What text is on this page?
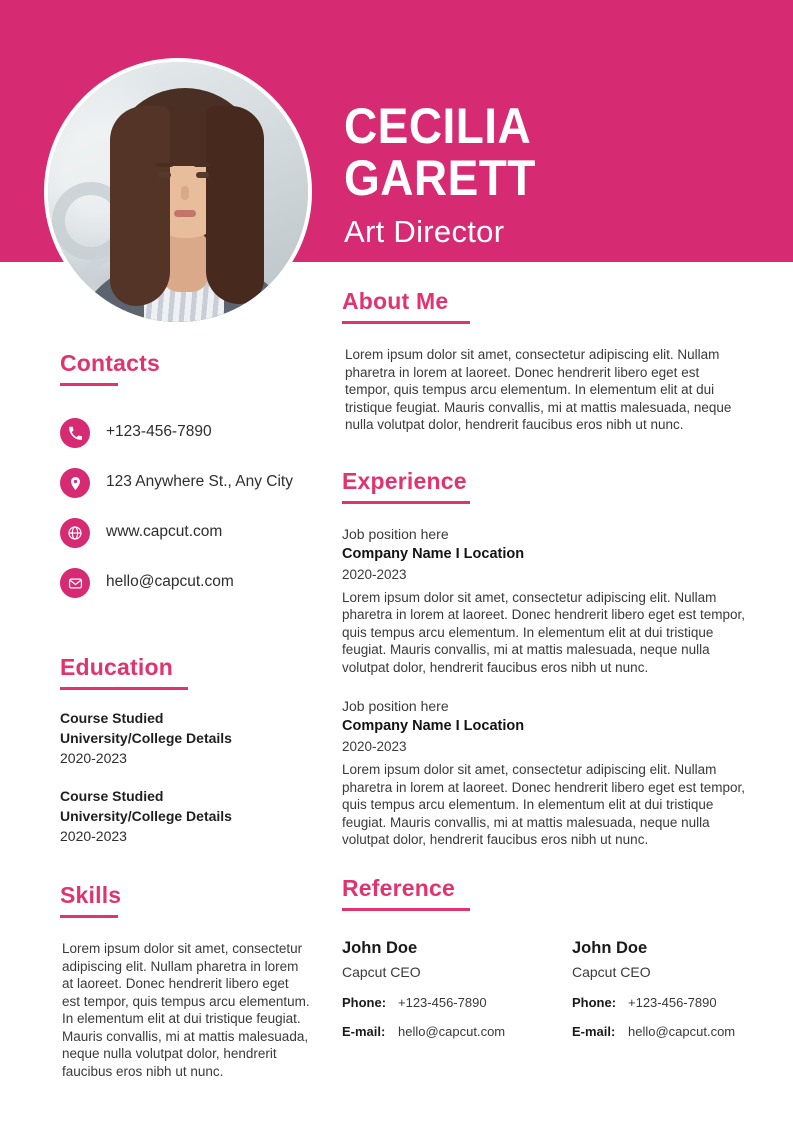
CECILIA GARETT
Art Director
Contacts
+123-456-7890
123 Anywhere St., Any City
www.capcut.com
hello@capcut.com
Education
Course Studied
University/College Details
2020-2023
Course Studied
University/College Details
2020-2023
Skills
Lorem ipsum dolor sit amet, consectetur adipiscing elit. Nullam pharetra in lorem at laoreet. Donec hendrerit libero eget est tempor, quis tempus arcu elementum. In elementum elit at dui tristique feugiat. Mauris convallis, mi at mattis malesuada, neque nulla volutpat dolor, hendrerit faucibus eros nibh ut nunc.
About Me
Lorem ipsum dolor sit amet, consectetur adipiscing elit. Nullam pharetra in lorem at laoreet. Donec hendrerit libero eget est tempor, quis tempus arcu elementum. In elementum elit at dui tristique feugiat. Mauris convallis, mi at mattis malesuada, neque nulla volutpat dolor, hendrerit faucibus eros nibh ut nunc.
Experience
Job position here
Company Name I Location
2020-2023
Lorem ipsum dolor sit amet, consectetur adipiscing elit. Nullam pharetra in lorem at laoreet. Donec hendrerit libero eget est tempor, quis tempus arcu elementum. In elementum elit at dui tristique feugiat. Mauris convallis, mi at mattis malesuada, neque nulla volutpat dolor, hendrerit faucibus eros nibh ut nunc.
Job position here
Company Name I Location
2020-2023
Lorem ipsum dolor sit amet, consectetur adipiscing elit. Nullam pharetra in lorem at laoreet. Donec hendrerit libero eget est tempor, quis tempus arcu elementum. In elementum elit at dui tristique feugiat. Mauris convallis, mi at mattis malesuada, neque nulla volutpat dolor, hendrerit faucibus eros nibh ut nunc.
Reference
John Doe
Capcut CEO
Phone: +123-456-7890
E-mail: hello@capcut.com
John Doe
Capcut CEO
Phone: +123-456-7890
E-mail: hello@capcut.com
